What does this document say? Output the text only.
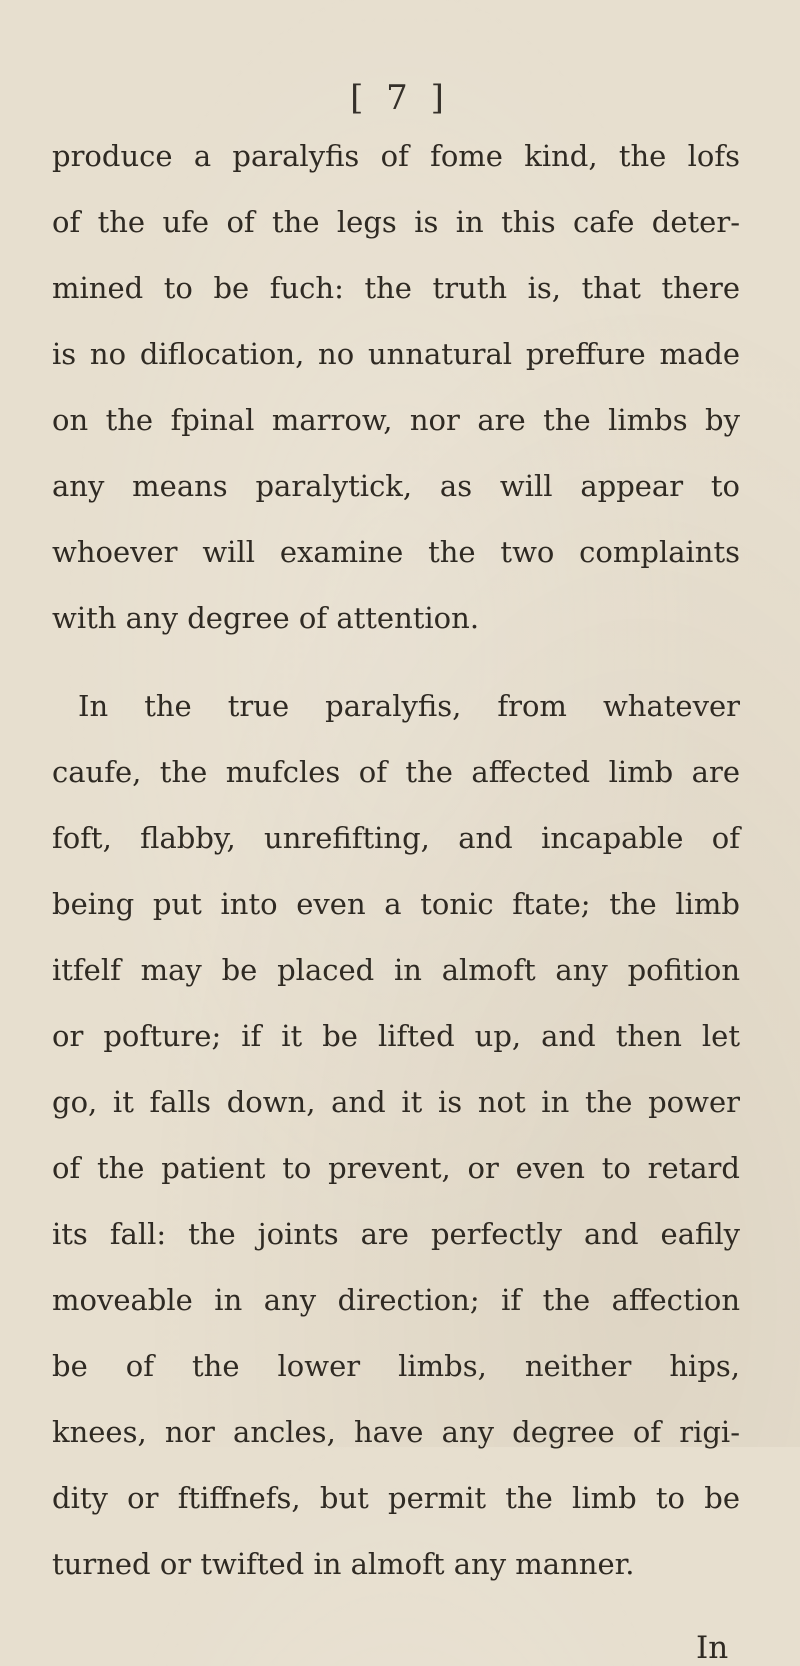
[ 7 ]
produce a paralyfis of fome kind, the lofs
of the ufe of the legs is in this cafe deter-
mined to be fuch: the truth is, that there
is no diflocation, no unnatural preffure made
on the fpinal marrow, nor are the limbs by
any means paralytick, as will appear to
whoever will examine the two complaints
with any degree of attention.
In the true paralyfis, from whatever
caufe, the mufcles of the affected limb are
foft, flabby, unrefifting, and incapable of
being put into even a tonic ftate; the limb
itfelf may be placed in almoft any pofition
or pofture; if it be lifted up, and then let
go, it falls down, and it is not in the power
of the patient to prevent, or even to retard
its fall: the joints are perfectly and eafily
moveable in any direction; if the affection
be of the lower limbs, neither hips,
knees, nor ancles, have any degree of rigi-
dity or ftiffnefs, but permit the limb to be
turned or twifted in almoft any manner.
In
